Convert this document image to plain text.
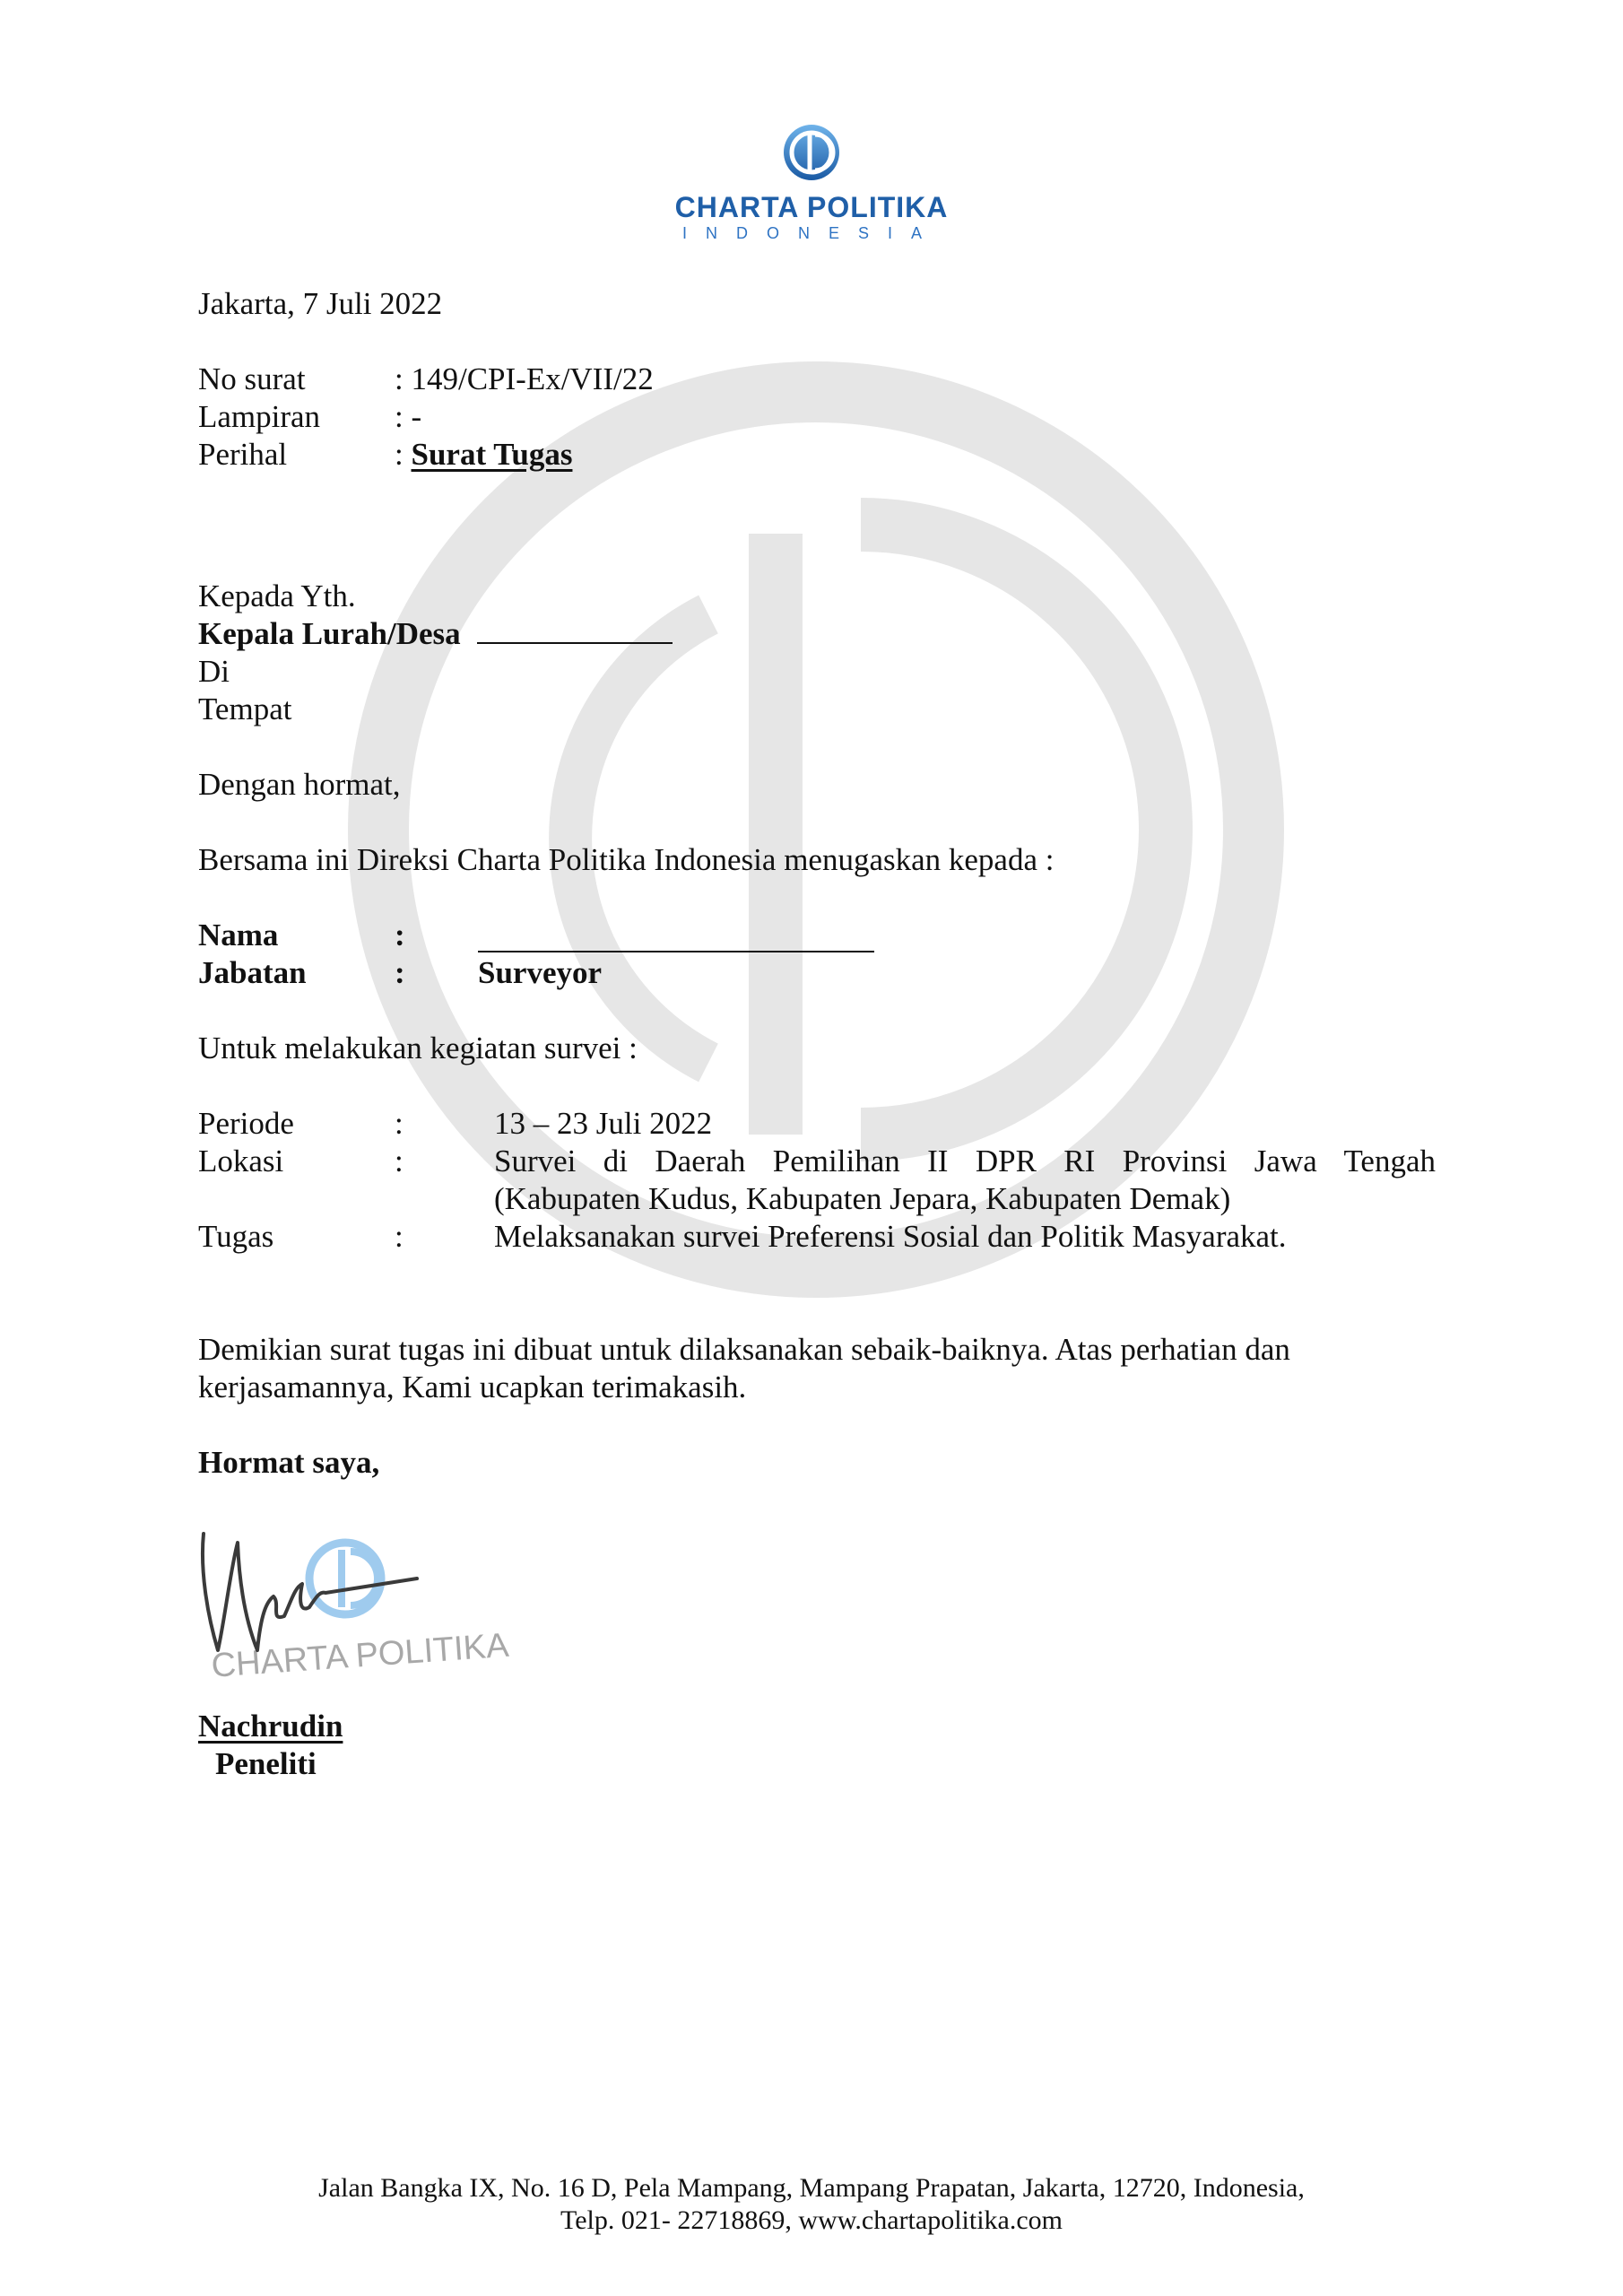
CHARTA POLITIKA
INDONESIA
Jakarta, 7 Juli 2022
No surat	: 149/CPI-Ex/VII/22
Lampiran : -
Perihal	: Surat Tugas
Kepada Yth.
Kepala Lurah/Desa
Di
Tempat
Dengan hormat,
Bersama ini Direksi Charta Politika Indonesia menugaskan kepada :
Nama	:
Jabatan	: Surveyor
Untuk melakukan kegiatan survei :
Periode	:	13 – 23 Juli 2022
Lokasi	:	Survei di Daerah Pemilihan II DPR RI Provinsi Jawa Tengah
(Kabupaten Kudus, Kabupaten Jepara, Kabupaten Demak)
Tugas	:	Melaksanakan survei Preferensi Sosial dan Politik Masyarakat.
Demikian surat tugas ini dibuat untuk dilaksanakan sebaik-baiknya. Atas perhatian dan
kerjasamannya, Kami ucapkan terimakasih.
Hormat saya,
CHARTA POLITIKA
Nachrudin
Peneliti
Jalan Bangka IX, No. 16 D, Pela Mampang, Mampang Prapatan, Jakarta, 12720, Indonesia,
Telp. 021- 22718869, www.chartapolitika.com
